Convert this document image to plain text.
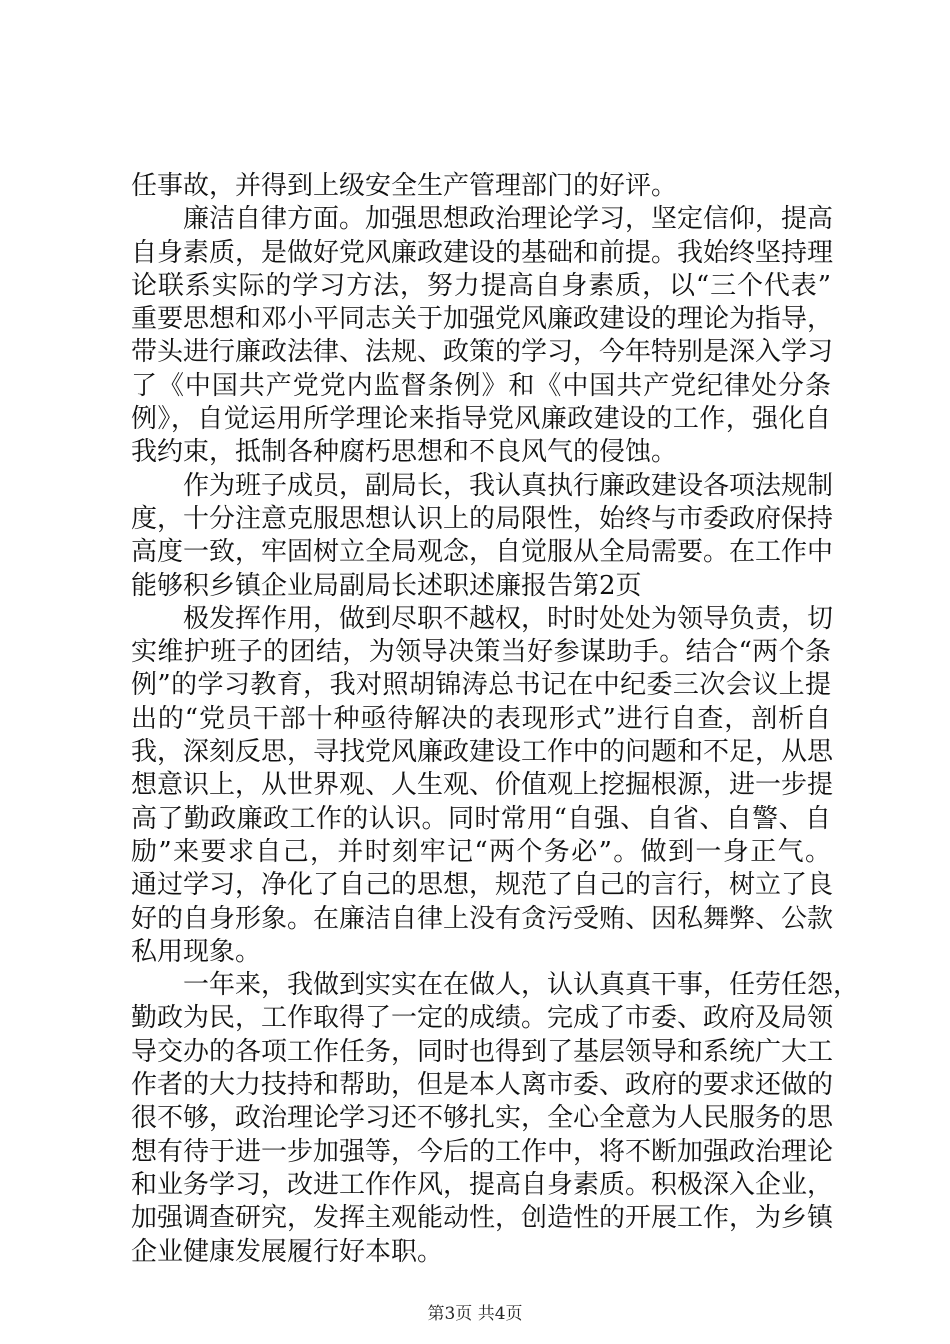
任事故，并得到上级安全生产管理部门的好评。
廉洁自律方面。加强思想政治理论学习，坚定信仰，提高
自身素质，是做好党风廉政建设的基础和前提。我始终坚持理
论联系实际的学习方法，努力提高自身素质，以“三个代表”
重要思想和邓小平同志关于加强党风廉政建设的理论为指导，
带头进行廉政法律、法规、政策的学习，今年特别是深入学习
了《中国共产党党内监督条例》和《中国共产党纪律处分条
例》，自觉运用所学理论来指导党风廉政建设的工作，强化自
我约束，抵制各种腐朽思想和不良风气的侵蚀。
作为班子成员，副局长，我认真执行廉政建设各项法规制
度，十分注意克服思想认识上的局限性，始终与市委政府保持
高度一致，牢固树立全局观念，自觉服从全局需要。在工作中
能够积乡镇企业局副局长述职述廉报告第2页
极发挥作用，做到尽职不越权，时时处处为领导负责，切
实维护班子的团结，为领导决策当好参谋助手。结合“两个条
例”的学习教育，我对照胡锦涛总书记在中纪委三次会议上提
出的“党员干部十种亟待解决的表现形式”进行自查，剖析自
我，深刻反思，寻找党风廉政建设工作中的问题和不足，从思
想意识上，从世界观、人生观、价值观上挖掘根源，进一步提
高了勤政廉政工作的认识。同时常用“自强、自省、自警、自
励”来要求自己，并时刻牢记“两个务必”。做到一身正气。
通过学习，净化了自己的思想，规范了自己的言行，树立了良
好的自身形象。在廉洁自律上没有贪污受贿、因私舞弊、公款
私用现象。
一年来，我做到实实在在做人，认认真真干事，任劳任怨，
勤政为民，工作取得了一定的成绩。完成了市委、政府及局领
导交办的各项工作任务，同时也得到了基层领导和系统广大工
作者的大力技持和帮助，但是本人离市委、政府的要求还做的
很不够，政治理论学习还不够扎实，全心全意为人民服务的思
想有待于进一步加强等，今后的工作中，将不断加强政治理论
和业务学习，改进工作作风，提高自身素质。积极深入企业，
加强调查研究，发挥主观能动性，创造性的开展工作，为乡镇
企业健康发展履行好本职。
第3页 共4页
